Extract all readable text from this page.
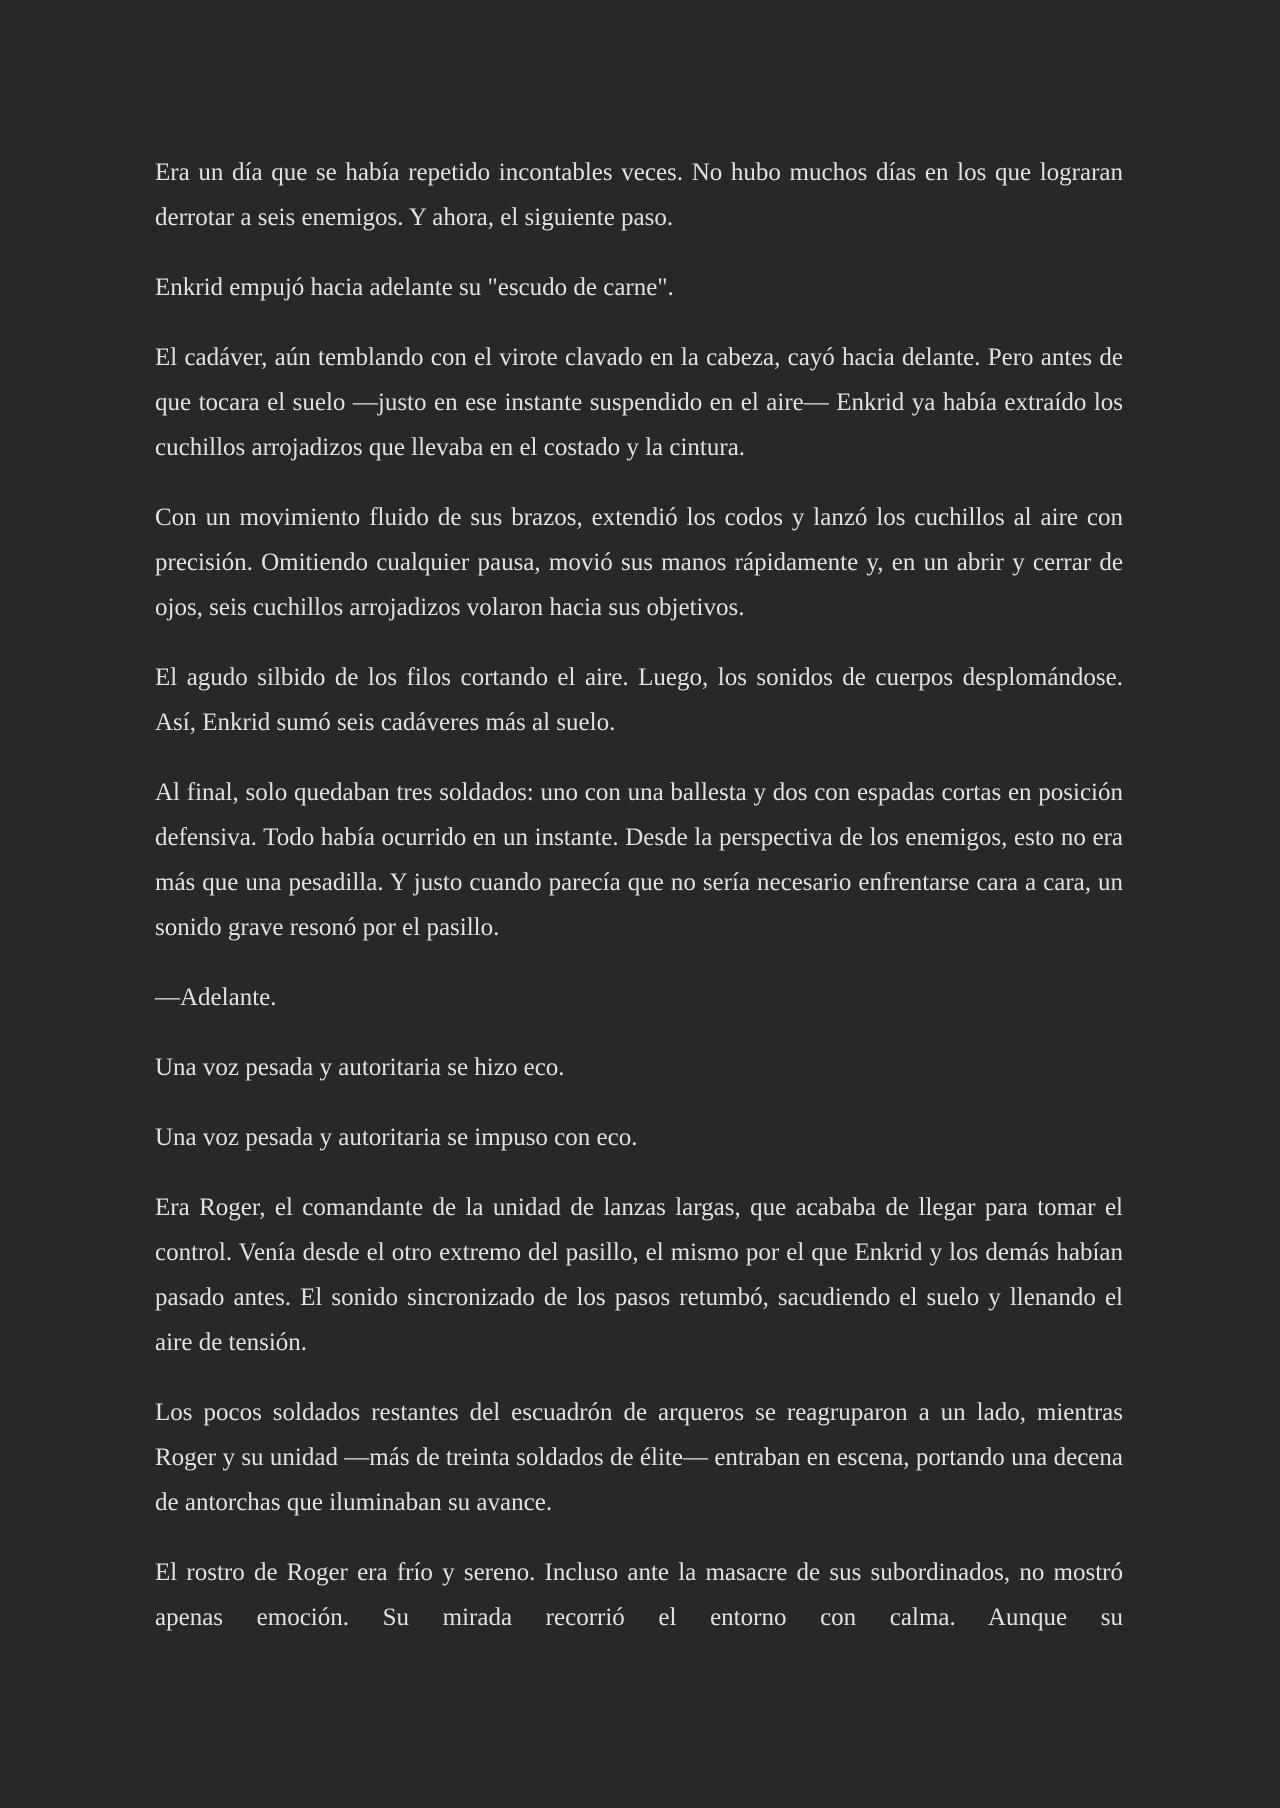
Era un día que se había repetido incontables veces. No hubo muchos días en los que lograran derrotar a seis enemigos. Y ahora, el siguiente paso.

Enkrid empujó hacia adelante su "escudo de carne".

El cadáver, aún temblando con el virote clavado en la cabeza, cayó hacia delante. Pero antes de que tocara el suelo —justo en ese instante suspendido en el aire— Enkrid ya había extraído los cuchillos arrojadizos que llevaba en el costado y la cintura.

Con un movimiento fluido de sus brazos, extendió los codos y lanzó los cuchillos al aire con precisión. Omitiendo cualquier pausa, movió sus manos rápidamente y, en un abrir y cerrar de ojos, seis cuchillos arrojadizos volaron hacia sus objetivos.

El agudo silbido de los filos cortando el aire. Luego, los sonidos de cuerpos desplomándose. Así, Enkrid sumó seis cadáveres más al suelo.

Al final, solo quedaban tres soldados: uno con una ballesta y dos con espadas cortas en posición defensiva. Todo había ocurrido en un instante. Desde la perspectiva de los enemigos, esto no era más que una pesadilla. Y justo cuando parecía que no sería necesario enfrentarse cara a cara, un sonido grave resonó por el pasillo.

—Adelante.

Una voz pesada y autoritaria se hizo eco.

Una voz pesada y autoritaria se impuso con eco.

Era Roger, el comandante de la unidad de lanzas largas, que acababa de llegar para tomar el control. Venía desde el otro extremo del pasillo, el mismo por el que Enkrid y los demás habían pasado antes. El sonido sincronizado de los pasos retumbó, sacudiendo el suelo y llenando el aire de tensión.

Los pocos soldados restantes del escuadrón de arqueros se reagruparon a un lado, mientras Roger y su unidad —más de treinta soldados de élite— entraban en escena, portando una decena de antorchas que iluminaban su avance.

El rostro de Roger era frío y sereno. Incluso ante la masacre de sus subordinados, no mostró apenas emoción. Su mirada recorrió el entorno con calma. Aunque su
